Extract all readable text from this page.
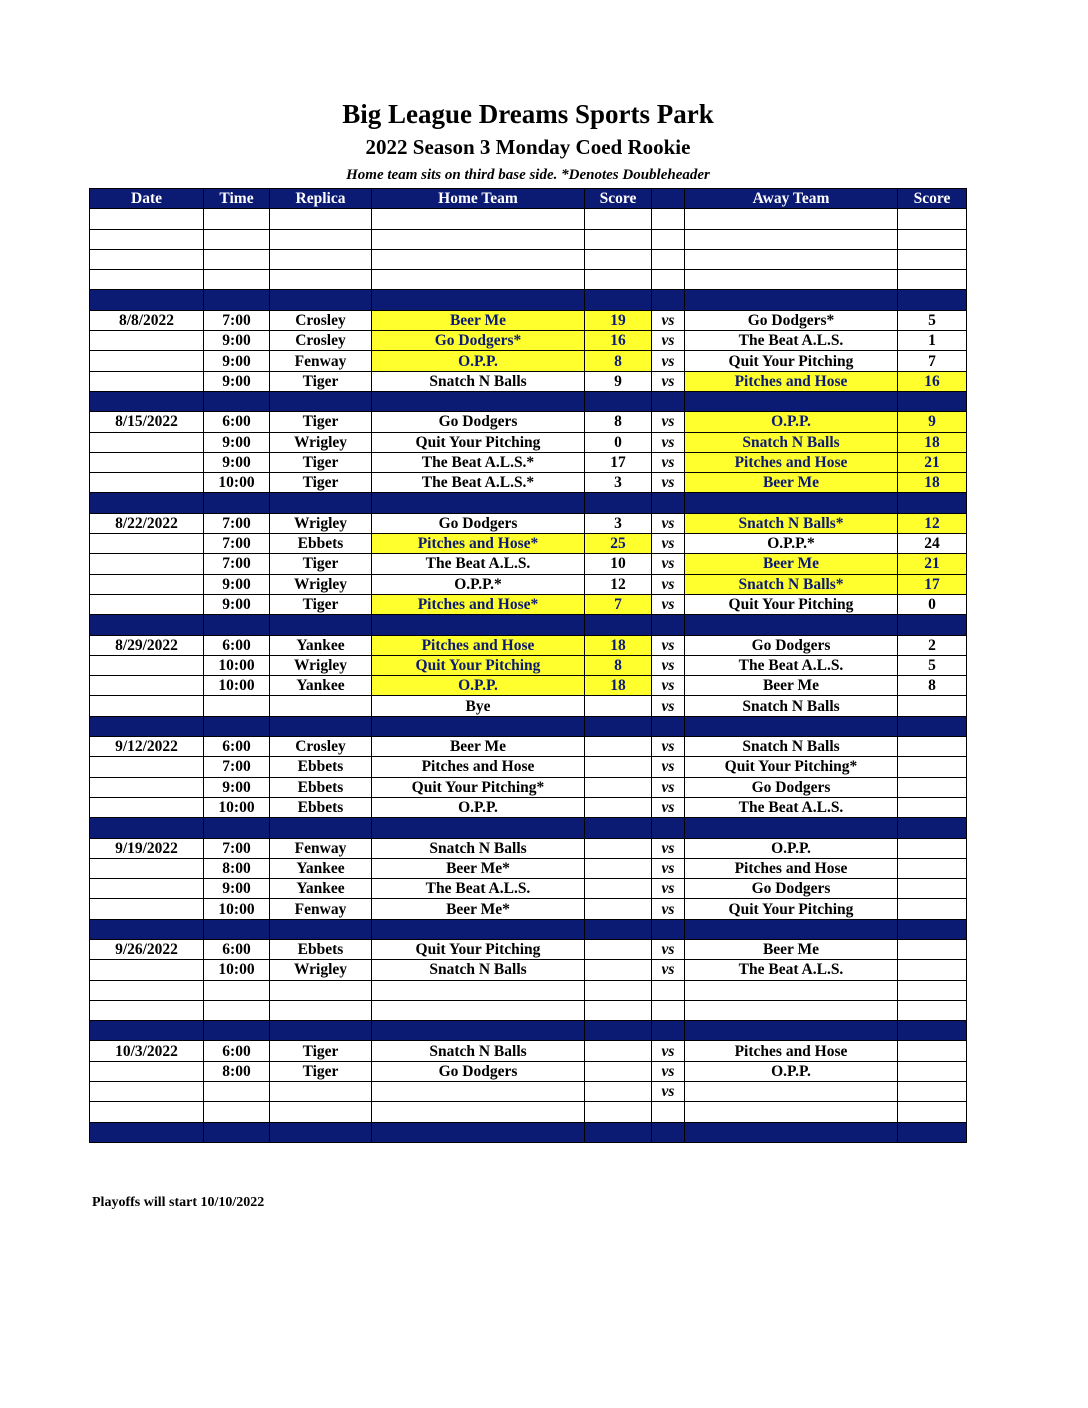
Big League Dreams Sports Park
2022 Season 3 Monday Coed Rookie
Home team sits on third base side. *Denotes Doubleheader
Date	Time	Replica	Home Team	Score		Away Team	Score

8/8/2022	7:00	Crosley	Beer Me	19	vs	Go Dodgers*	5
	9:00	Crosley	Go Dodgers*	16	vs	The Beat A.L.S.	1
	9:00	Fenway	O.P.P.	8	vs	Quit Your Pitching	7
	9:00	Tiger	Snatch N Balls	9	vs	Pitches and Hose	16

8/15/2022	6:00	Tiger	Go Dodgers	8	vs	O.P.P.	9
	9:00	Wrigley	Quit Your Pitching	0	vs	Snatch N Balls	18
	9:00	Tiger	The Beat A.L.S.*	17	vs	Pitches and Hose	21
	10:00	Tiger	The Beat A.L.S.*	3	vs	Beer Me	18

8/22/2022	7:00	Wrigley	Go Dodgers	3	vs	Snatch N Balls*	12
	7:00	Ebbets	Pitches and Hose*	25	vs	O.P.P.*	24
	7:00	Tiger	The Beat A.L.S.	10	vs	Beer Me	21
	9:00	Wrigley	O.P.P.*	12	vs	Snatch N Balls*	17
	9:00	Tiger	Pitches and Hose*	7	vs	Quit Your Pitching	0

8/29/2022	6:00	Yankee	Pitches and Hose	18	vs	Go Dodgers	2
	10:00	Wrigley	Quit Your Pitching	8	vs	The Beat A.L.S.	5
	10:00	Yankee	O.P.P.	18	vs	Beer Me	8
			Bye		vs	Snatch N Balls	

9/12/2022	6:00	Crosley	Beer Me		vs	Snatch N Balls	
	7:00	Ebbets	Pitches and Hose		vs	Quit Your Pitching*	
	9:00	Ebbets	Quit Your Pitching*		vs	Go Dodgers	
	10:00	Ebbets	O.P.P.		vs	The Beat A.L.S.	

9/19/2022	7:00	Fenway	Snatch N Balls		vs	O.P.P.	
	8:00	Yankee	Beer Me*		vs	Pitches and Hose	
	9:00	Yankee	The Beat A.L.S.		vs	Go Dodgers	
	10:00	Fenway	Beer Me*		vs	Quit Your Pitching	

9/26/2022	6:00	Ebbets	Quit Your Pitching		vs	Beer Me	
	10:00	Wrigley	Snatch N Balls		vs	The Beat A.L.S.	

10/3/2022	6:00	Tiger	Snatch N Balls		vs	Pitches and Hose	
	8:00	Tiger	Go Dodgers		vs	O.P.P.	
					vs		

Playoffs will start 10/10/2022
